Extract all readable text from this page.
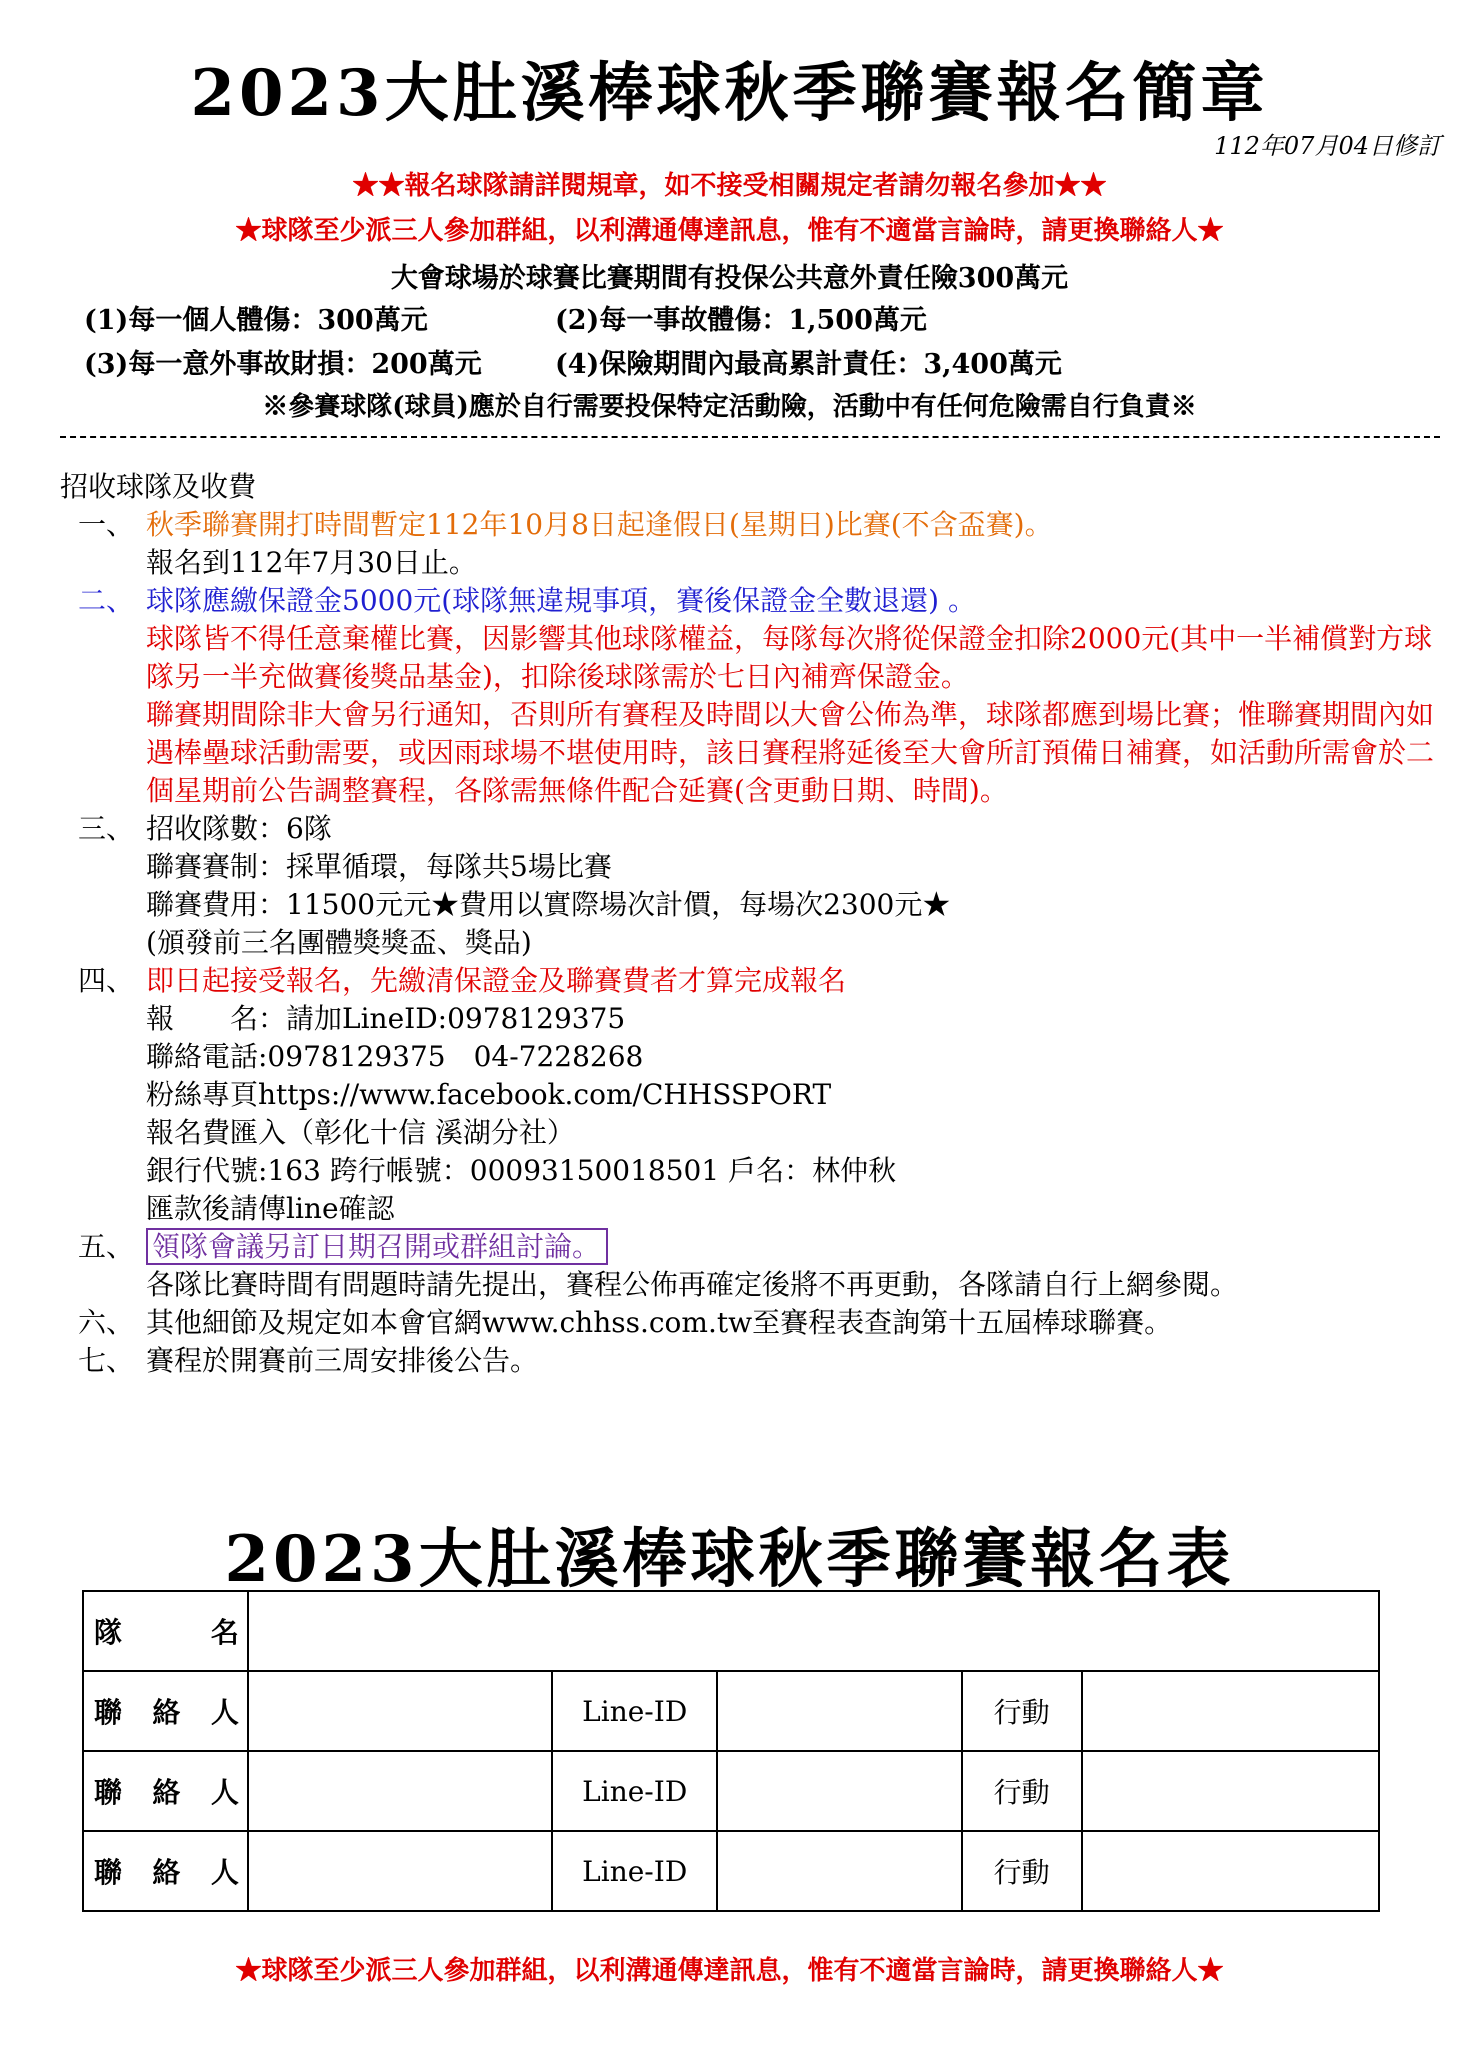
2023大肚溪棒球秋季聯賽報名簡章
112年07月04日修訂
★★報名球隊請詳閱規章，如不接受相關規定者請勿報名參加★★
★球隊至少派三人參加群組，以利溝通傳達訊息，惟有不適當言論時，請更換聯絡人★
大會球場於球賽比賽期間有投保公共意外責任險300萬元
(1)每一個人體傷：300萬元	(2)每一事故體傷：1,500萬元
(3)每一意外事故財損：200萬元	(4)保險期間內最高累計責任：3,400萬元
※參賽球隊(球員)應於自行需要投保特定活動險，活動中有任何危險需自行負責※

招收球隊及收費

一、 秋季聯賽開打時間暫定112年10月8日起逢假日(星期日)比賽(不含盃賽)。
報名到112年7月30日止。
二、 球隊應繳保證金5000元(球隊無違規事項，賽後保證金全數退還) 。
球隊皆不得任意棄權比賽，因影響其他球隊權益，每隊每次將從保證金扣除2000元(其中一半補償對方球隊另一半充做賽後獎品基金)，扣除後球隊需於七日內補齊保證金。
聯賽期間除非大會另行通知，否則所有賽程及時間以大會公佈為準，球隊都應到場比賽；惟聯賽期間內如遇棒壘球活動需要，或因雨球場不堪使用時，該日賽程將延後至大會所訂預備日補賽，如活動所需會於二個星期前公告調整賽程，各隊需無條件配合延賽(含更動日期、時間)。
三、 招收隊數：6隊
聯賽賽制：採單循環，每隊共5場比賽
聯賽費用：11500元元★費用以實際場次計價，每場次2300元★
(頒發前三名團體獎獎盃、獎品)
四、 即日起接受報名，先繳清保證金及聯賽費者才算完成報名
報　　名：請加LineID:0978129375
聯絡電話:0978129375　04-7228268
粉絲專頁https://www.facebook.com/CHHSSPORT
報名費匯入（彰化十信 溪湖分社）
銀行代號:163 跨行帳號：00093150018501 戶名：林仲秋
匯款後請傳line確認
五、 領隊會議另訂日期召開或群組討論。
各隊比賽時間有問題時請先提出，賽程公佈再確定後將不再更動，各隊請自行上網參閱。
六、 其他細節及規定如本會官網www.chhss.com.tw至賽程表查詢第十五屆棒球聯賽。
七、 賽程於開賽前三周安排後公告。
2023大肚溪棒球秋季聯賽報名表
隊 名					

聯 絡 人		Line-ID		行動	

聯 絡 人		Line-ID		行動	

聯 絡 人		Line-ID		行動	
★球隊至少派三人參加群組，以利溝通傳達訊息，惟有不適當言論時，請更換聯絡人★
